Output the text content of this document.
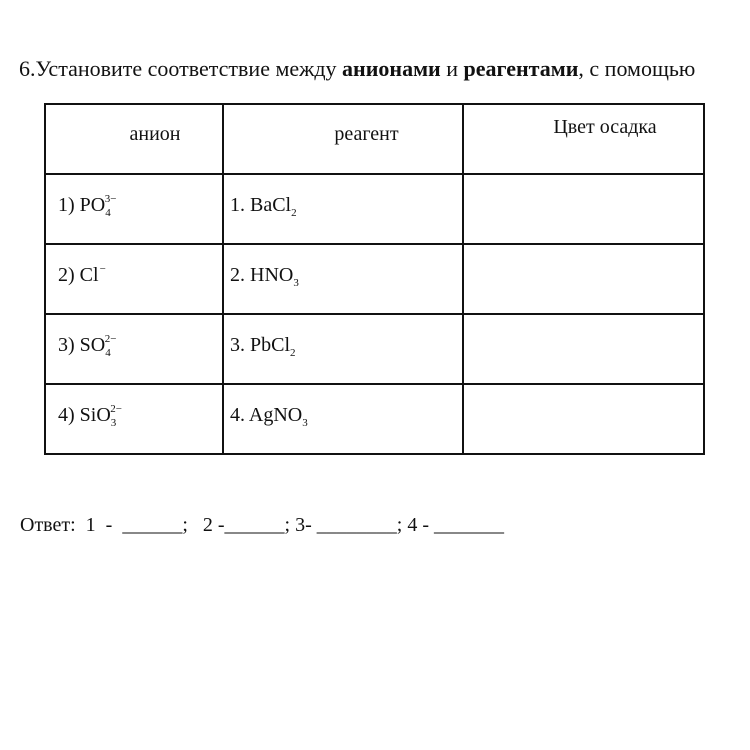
6.Установите соответствие между анионами и реагентами, с помощью
анион	реагент	Цвет осадка
1) $PO_4^{3-}$	1. BaCl$_2$	
2) Cl−	2. $HNO_3$	
3) $SO_4^{2-}$	3. PbCl$_2$	
4) SiO$_3^{2-}$	4. AgNO$_3$	
Ответ:  1  -  ______;   2 -______; 3- ________; 4 - _______
